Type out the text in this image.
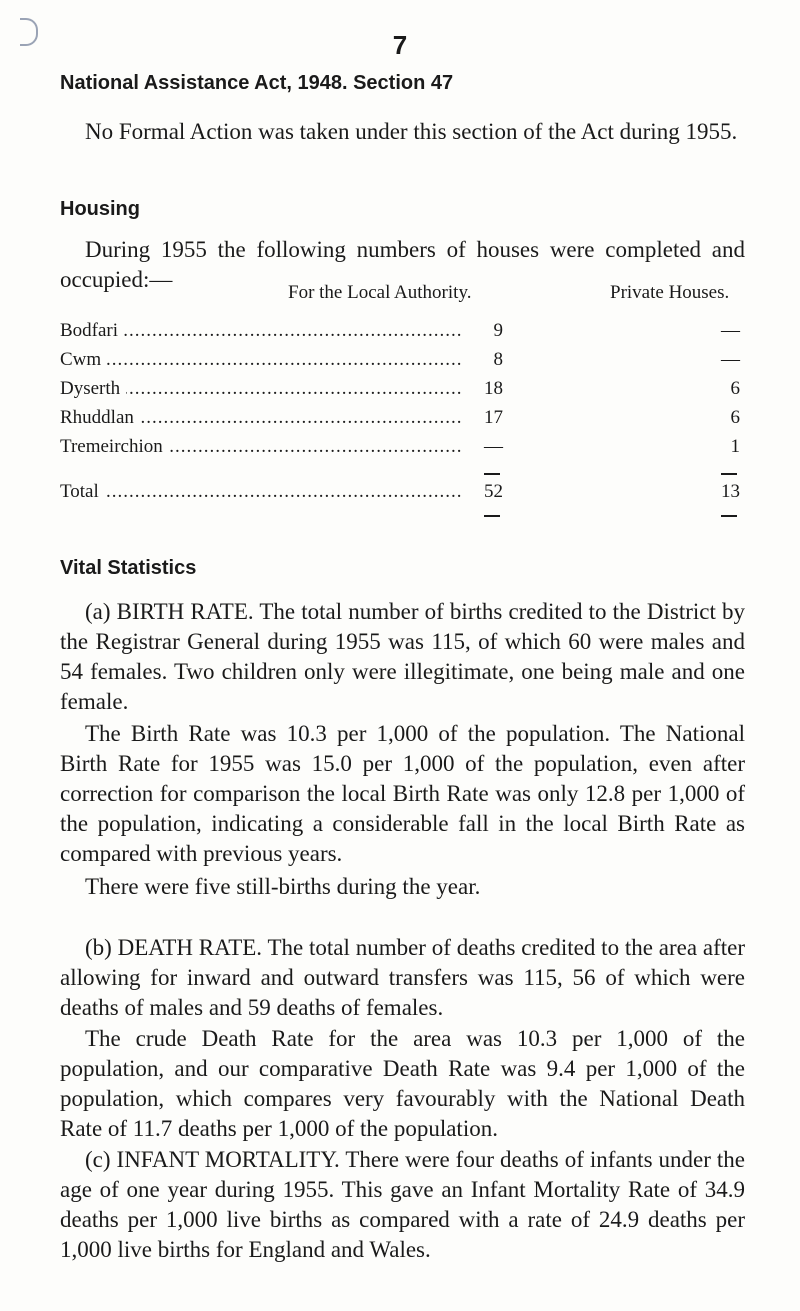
7
National Assistance Act, 1948. Section 47
No Formal Action was taken under this section of the Act during 1955.
Housing
During 1955 the following numbers of houses were completed and occupied:—
For the Local Authority.	Private Houses.
Bodfari .....	9	—
Cwm .....	8	—
Dyserth .....	18	6
Rhuddlan .....	17	6
Tremeirchion .....	—	1
Total .....	52	13
Vital Statistics
(a) BIRTH RATE. The total number of births credited to the District by the Registrar General during 1955 was 115, of which 60 were males and 54 females. Two children only were illegitimate, one being male and one female.
The Birth Rate was 10.3 per 1,000 of the population. The National Birth Rate for 1955 was 15.0 per 1,000 of the population, even after correction for comparison the local Birth Rate was only 12.8 per 1,000 of the population, indicating a considerable fall in the local Birth Rate as compared with previous years.
There were five still-births during the year.
(b) DEATH RATE. The total number of deaths credited to the area after allowing for inward and outward transfers was 115, 56 of which were deaths of males and 59 deaths of females.
The crude Death Rate for the area was 10.3 per 1,000 of the population, and our comparative Death Rate was 9.4 per 1,000 of the population, which compares very favourably with the National Death Rate of 11.7 deaths per 1,000 of the population.
(c) INFANT MORTALITY. There were four deaths of infants under the age of one year during 1955. This gave an Infant Mortality Rate of 34.9 deaths per 1,000 live births as compared with a rate of 24.9 deaths per 1,000 live births for England and Wales.
